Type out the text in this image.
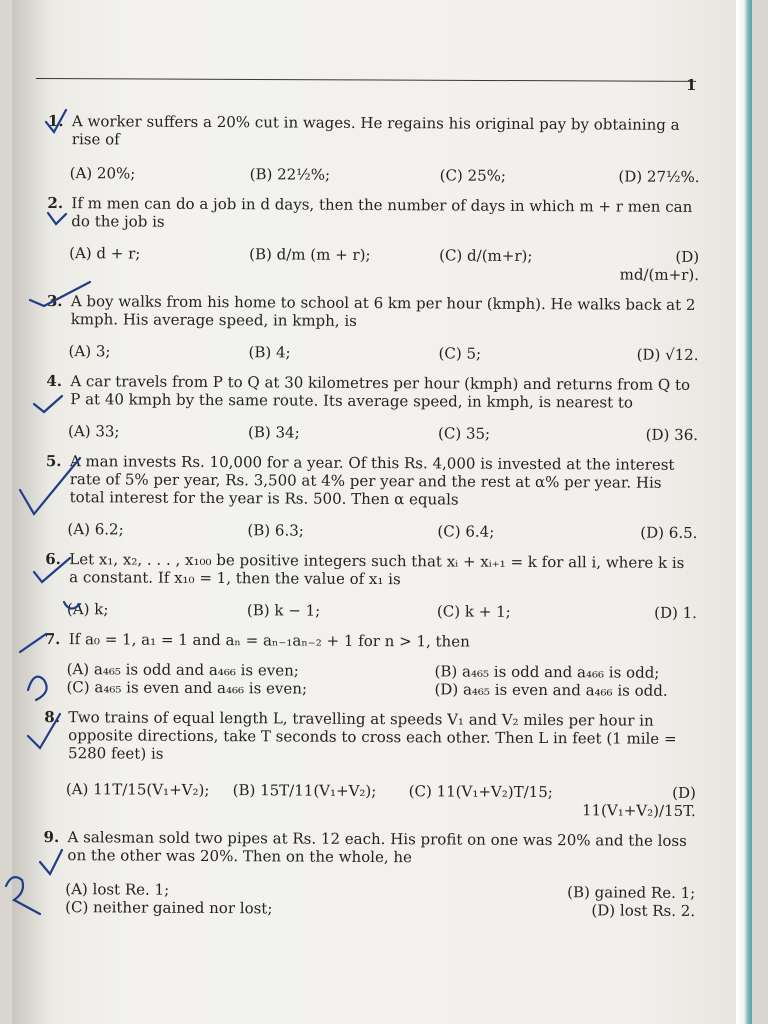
1
1. A worker suffers a 20% cut in wages. He regains his original pay by obtaining a rise of
(A) 20%;	(B) 22½%;	(C) 25%;	(D) 27½%.
2. If m men can do a job in d days, then the number of days in which m + r men can do the job is
(A) d + r;	(B) d/m (m + r);	(C) d/(m+r);	(D) md/(m+r).
3. A boy walks from his home to school at 6 km per hour (kmph). He walks back at 2 kmph. His average speed, in kmph, is
(A) 3;	(B) 4;	(C) 5;	(D) √12.
4. A car travels from P to Q at 30 kilometres per hour (kmph) and returns from Q to P at 40 kmph by the same route. Its average speed, in kmph, is nearest to
(A) 33;	(B) 34;	(C) 35;	(D) 36.
5. A man invests Rs. 10,000 for a year. Of this Rs. 4,000 is invested at the interest rate of 5% per year, Rs. 3,500 at 4% per year and the rest at α% per year. His total interest for the year is Rs. 500. Then α equals
(A) 6.2;	(B) 6.3;	(C) 6.4;	(D) 6.5.
6. Let x₁, x₂, . . . , x₁₀₀ be positive integers such that xᵢ + xᵢ₊₁ = k for all i, where k is a constant. If x₁₀ = 1, then the value of x₁ is
(A) k;	(B) k − 1;	(C) k + 1;	(D) 1.
7. If a₀ = 1, a₁ = 1 and aₙ = aₙ₋₁aₙ₋₂ + 1 for n > 1, then
(A) a₄₆₅ is odd and a₄₆₆ is even;	(B) a₄₆₅ is odd and a₄₆₆ is odd;
(C) a₄₆₅ is even and a₄₆₆ is even;	(D) a₄₆₅ is even and a₄₆₆ is odd.
8. Two trains of equal length L, travelling at speeds V₁ and V₂ miles per hour in opposite directions, take T seconds to cross each other. Then L in feet (1 mile = 5280 feet) is
(A) 11T/15(V₁+V₂);	(B) 15T/11(V₁+V₂);	(C) 11(V₁+V₂)T/15;	(D) 11(V₁+V₂)/15T.
9. A salesman sold two pipes at Rs. 12 each. His profit on one was 20% and the loss on the other was 20%. Then on the whole, he
(A) lost Re. 1;	(B) gained Re. 1;
(C) neither gained nor lost;	(D) lost Rs. 2.
